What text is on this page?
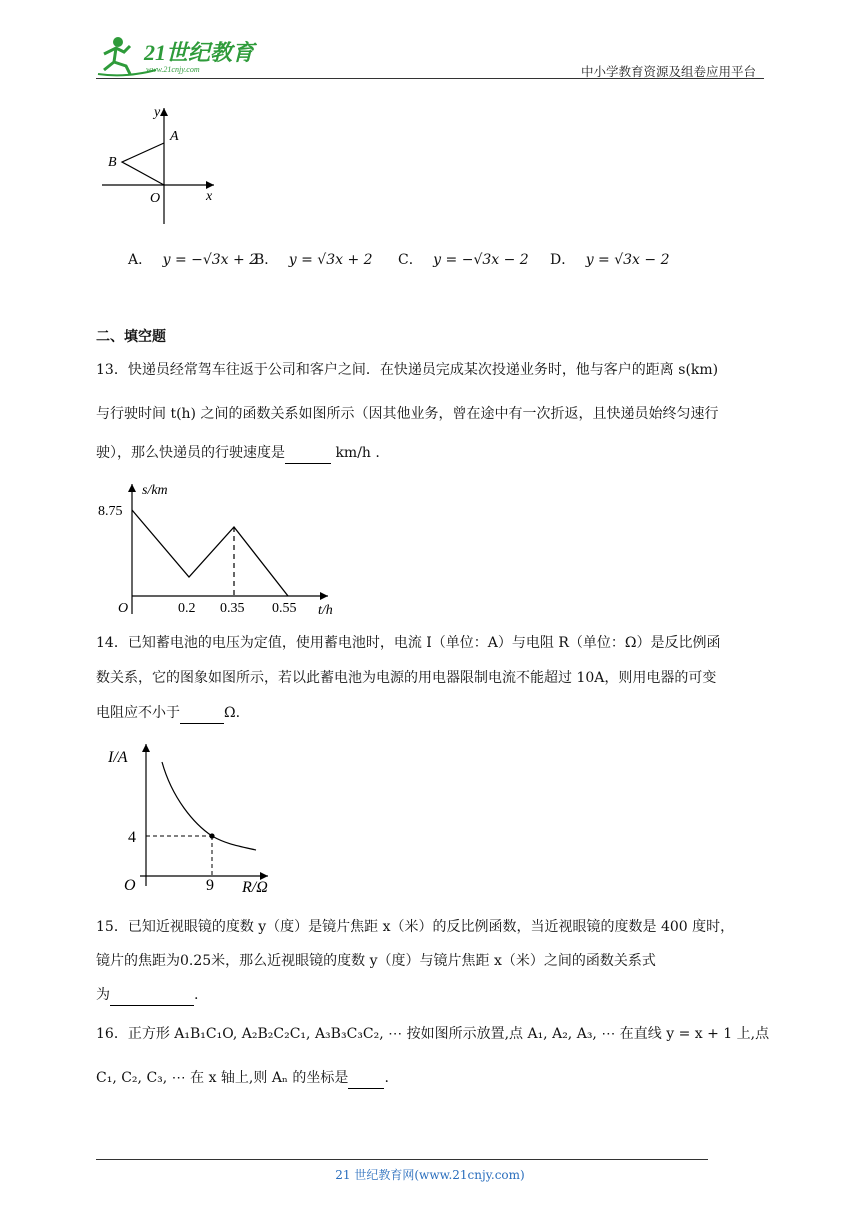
21世纪教育
www.21cnjy.com	中小学教育资源及组卷应用平台
y
x
A
B
O
A． y = −√3x + 2
B． y = √3x + 2 C． y = −√3x − 2 D． y = √3x − 2
二、填空题
13．快递员经常驾车往返于公司和客户之间．在快递员完成某次投递业务时，他与客户的距离 s(km)
与行驶时间 t(h) 之间的函数关系如图所示（因其他业务，曾在途中有一次折返，且快递员始终匀速行
驶），那么快递员的行驶速度是	km/h .
s/km
8.75
O	0.2 0.35 0.55 t/h
14．已知蓄电池的电压为定值，使用蓄电池时，电流 I（单位：A）与电阻 R（单位：Ω）是反比例函
数关系，它的图象如图所示，若以此蓄电池为电源的用电器限制电流不能超过 10A，则用电器的可变
电阻应不小于	Ω.
I/A
4
O	9 R/Ω
15．已知近视眼镜的度数 y（度）是镜片焦距 x（米）的反比例函数，当近视眼镜的度数是 400 度时，
镜片的焦距为0.25米，那么近视眼镜的度数 y（度）与镜片焦距 x（米）之间的函数关系式
为	.
16．正方形 A₁B₁C₁O, A₂B₂C₂C₁, A₃B₃C₃C₂, ⋯ 按如图所示放置,点 A₁, A₂, A₃, ⋯ 在直线 y = x + 1 上,点
C₁, C₂, C₃, ⋯ 在 x 轴上,则 Aₙ 的坐标是	.
21 世纪教育网(www.21cnjy.com)
